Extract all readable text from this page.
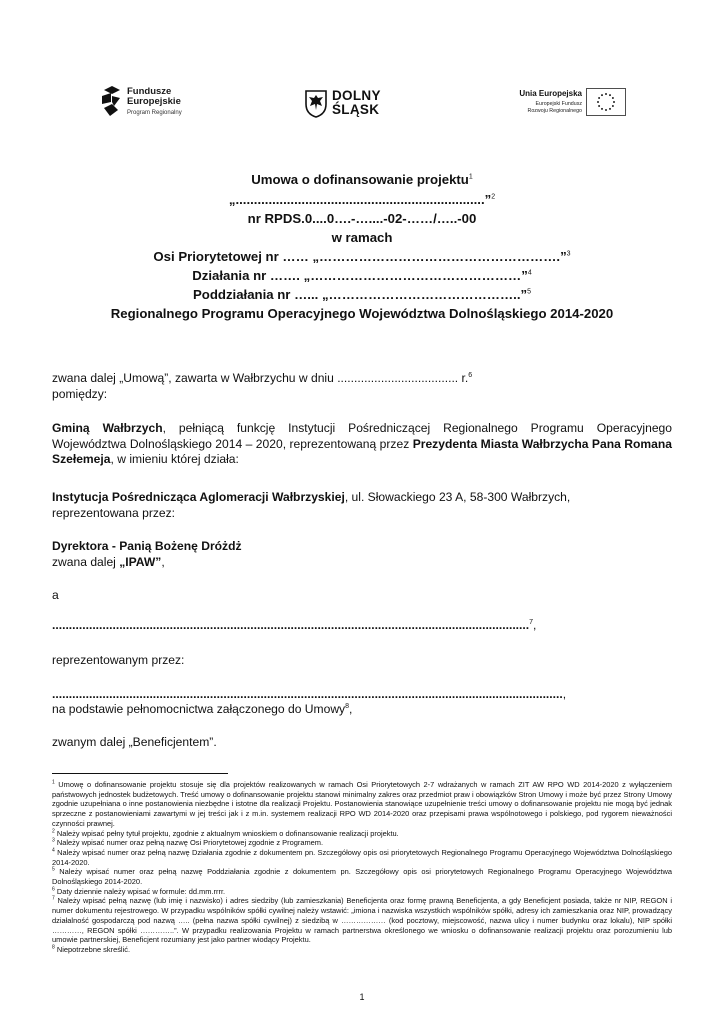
Fundusze
Europejskie
Program Regionalny
DOLNY
ŚLĄSK
Unia Europejska
Europejski Fundusz
Rozwoju Regionalnego
Umowa o dofinansowanie projektu$^1$
„....................................................................”$^2$
nr RPDS.0....0….-…....-02-……/…..-00
w ramach
Osi Priorytetowej nr …… „……………………………………………….”$^3$
Działania nr ……. „…………………………………………”$^4$
Poddziałania nr …... „……………………………………..”$^5$
Regionalnego Programu Operacyjnego Województwa Dolnośląskiego 2014-2020
zwana dalej „Umową”, zawarta w Wałbrzychu w dniu .................................... r.$^6$
pomiędzy:
Gminą Wałbrzych, pełniącą funkcję Instytucji Pośredniczącej Regionalnego Programu Operacyjnego Województwa Dolnośląskiego 2014 – 2020, reprezentowaną przez Prezydenta Miasta Wałbrzycha Pana Romana Szełemeja, w imieniu której działa:
Instytucja Pośrednicząca Aglomeracji Wałbrzyskiej, ul. Słowackiego 23 A, 58-300 Wałbrzych,
reprezentowana przez:
Dyrektora - Panią Bożenę Dróżdż
zwana dalej „IPAW”,
a
..............................................................................................................................................$^7$,
reprezentowanym przez:
........................................................................................................................................................,
na podstawie pełnomocnictwa załączonego do Umowy$^8$,
zwanym dalej „Beneficjentem”.

$^1$ Umowę o dofinansowanie projektu stosuje się dla projektów realizowanych w ramach Osi Priorytetowych 2-7 wdrażanych w ramach ZIT AW RPO WD 2014-2020 z wyłączeniem państwowych jednostek budżetowych. Treść umowy o dofinansowanie projektu stanowi minimalny zakres oraz przedmiot praw i obowiązków Stron Umowy i może być przez Strony Umowy zgodnie uzupełniana o inne postanowienia niezbędne i istotne dla realizacji Projektu. Postanowienia stanowiące uzupełnienie treści umowy o dofinansowanie projektu nie mogą być jednak sprzeczne z postanowieniami zawartymi w jej treści jak i z m.in. systemem realizacji RPO WD 2014-2020 oraz przepisami prawa wspólnotowego i polskiego, pod rygorem nieważności czynności prawnej.

$^2$ Należy wpisać pełny tytuł projektu, zgodnie z aktualnym wnioskiem o dofinansowanie realizacji projektu.

$^3$ Należy wpisać numer oraz pełną nazwę Osi Priorytetowej zgodnie z Programem.

$^4$ Należy wpisać numer oraz pełną nazwę Działania zgodnie z dokumentem pn. Szczegółowy opis osi priorytetowych Regionalnego Programu Operacyjnego Województwa Dolnośląskiego 2014-2020.

$^5$ Należy wpisać numer oraz pełną nazwę Poddziałania zgodnie z dokumentem pn. Szczegółowy opis osi priorytetowych Regionalnego Programu Operacyjnego Województwa Dolnośląskiego 2014-2020.

$^6$ Daty dziennie należy wpisać w formule: dd.mm.rrrr.

$^7$ Należy wpisać pełną nazwę (lub imię i nazwisko) i adres siedziby (lub zamieszkania) Beneficjenta oraz formę prawną Beneficjenta, a gdy Beneficjent posiada, także nr NIP, REGON i numer dokumentu rejestrowego. W przypadku wspólników spółki cywilnej należy wstawić: „imiona i nazwiska wszystkich wspólników spółki, adresy ich zamieszkania oraz NIP, prowadzący działalność gospodarczą pod nazwą ….. (pełna nazwa spółki cywilnej) z siedzibą w ……………… (kod pocztowy, miejscowość, nazwa ulicy i numer budynku oraz lokalu), NIP spółki …………, REGON spółki …………..”. W przypadku realizowania Projektu w ramach partnerstwa określonego we wniosku o dofinansowanie realizacji projektu oraz porozumieniu lub umowie partnerskiej, Beneficjent rozumiany jest jako partner wiodący Projektu.

$^8$ Niepotrzebne skreślić.

1
